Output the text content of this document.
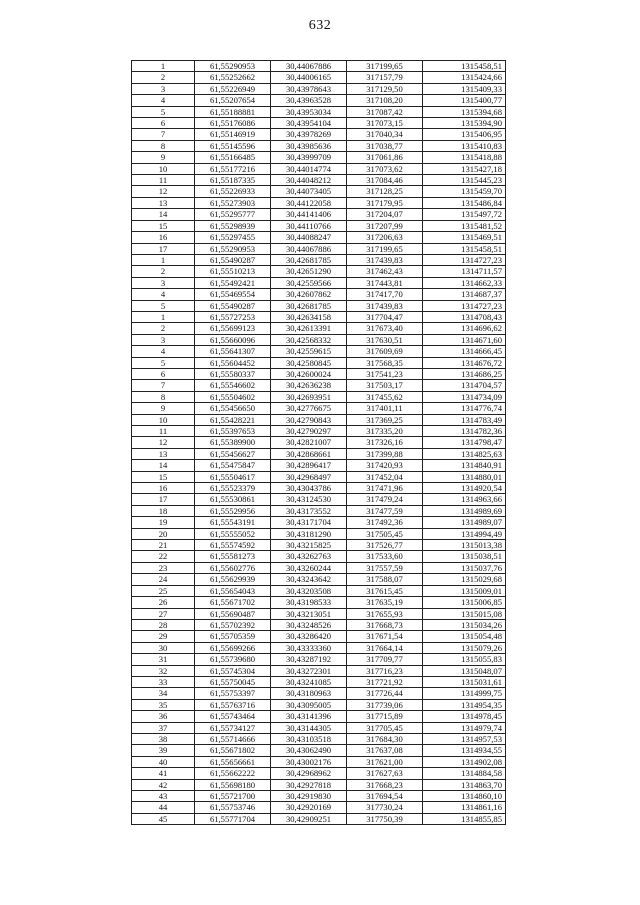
632
1	61,55290953	30,44067886	317199,65	1315458,51
2	61,55252662	30,44006165	317157,79	1315424,66
3	61,55226949	30,43978643	317129,50	1315409,33
4	61,55207654	30,43963528	317108,20	1315400,77
5	61,55188881	30,43953034	317087,42	1315394,68
6	61,55176086	30,43954104	317073,15	1315394,90
7	61,55146919	30,43978269	317040,34	1315406,95
8	61,55145596	30,43985636	317038,77	1315410,83
9	61,55166485	30,43999709	317061,86	1315418,88
10	61,55177216	30,44014774	317073,62	1315427,18
11	61,55187335	30,44048212	317084,46	1315445,23
12	61,55226933	30,44073405	317128,25	1315459,70
13	61,55273903	30,44122058	317179,95	1315486,84
14	61,55295777	30,44141406	317204,07	1315497,72
15	61,55298939	30,44110766	317207,99	1315481,52
16	61,55297455	30,44088247	317206,63	1315469,51
17	61,55290953	30,44067886	317199,65	1315458,51
1	61,55490287	30,42681785	317439,83	1314727,23
2	61,55510213	30,42651290	317462,43	1314711,57
3	61,55492421	30,42559566	317443,81	1314662,33
4	61,55469554	30,42607862	317417,70	1314687,37
5	61,55490287	30,42681785	317439,83	1314727,23
1	61,55727253	30,42634158	317704,47	1314708,43
2	61,55699123	30,42613391	317673,40	1314696,62
3	61,55660096	30,42568332	317630,51	1314671,60
4	61,55641307	30,42559615	317609,69	1314666,45
5	61,55604452	30,42580845	317568,35	1314676,72
6	61,55580337	30,42600024	317541,23	1314686,25
7	61,55546602	30,42636238	317503,17	1314704,57
8	61,55504602	30,42693951	317455,62	1314734,09
9	61,55456650	30,42776675	317401,11	1314776,74
10	61,55428221	30,42790843	317369,25	1314783,49
11	61,55397653	30,42790297	317335,20	1314782,36
12	61,55389900	30,42821007	317326,16	1314798,47
13	61,55456627	30,42868661	317399,88	1314825,63
14	61,55475847	30,42896417	317420,93	1314840,91
15	61,55504617	30,42968497	317452,04	1314880,01
16	61,55523379	30,43043786	317471,96	1314920,54
17	61,55530861	30,43124530	317479,24	1314963,66
18	61,55529956	30,43173552	317477,59	1314989,69
19	61,55543191	30,43171704	317492,36	1314989,07
20	61,55555052	30,43181290	317505,45	1314994,49
21	61,55574592	30,43215825	317526,77	1315013,38
22	61,55581273	30,43262763	317533,60	1315038,51
23	61,55602776	30,43260244	317557,59	1315037,76
24	61,55629939	30,43243642	317588,07	1315029,68
25	61,55654043	30,43203508	317615,45	1315009,01
26	61,55671702	30,43198533	317635,19	1315006,85
27	61,55690487	30,43213051	317655,93	1315015,08
28	61,55702392	30,43248526	317668,73	1315034,26
29	61,55705359	30,43286420	317671,54	1315054,48
30	61,55699266	30,43333360	317664,14	1315079,26
31	61,55739680	30,43287192	317709,77	1315055,83
32	61,55745304	30,43272301	317716,23	1315048,07
33	61,55750045	30,43241085	317721,92	1315031,61
34	61,55753397	30,43180963	317726,44	1314999,75
35	61,55763716	30,43095005	317739,06	1314954,35
36	61,55743464	30,43141396	317715,89	1314978,45
37	61,55734127	30,43144305	317705,45	1314979,74
38	61,55714666	30,43103518	317684,30	1314957,53
39	61,55671802	30,43062490	317637,08	1314934,55
40	61,55656661	30,43002176	317621,00	1314902,08
41	61,55662222	30,42968962	317627,63	1314884,58
42	61,55698180	30,42927818	317668,23	1314863,70
43	61,55721700	30,42919830	317694,54	1314860,10
44	61,55753746	30,42920169	317730,24	1314861,16
45	61,55771704	30,42909251	317750,39	1314855,85
